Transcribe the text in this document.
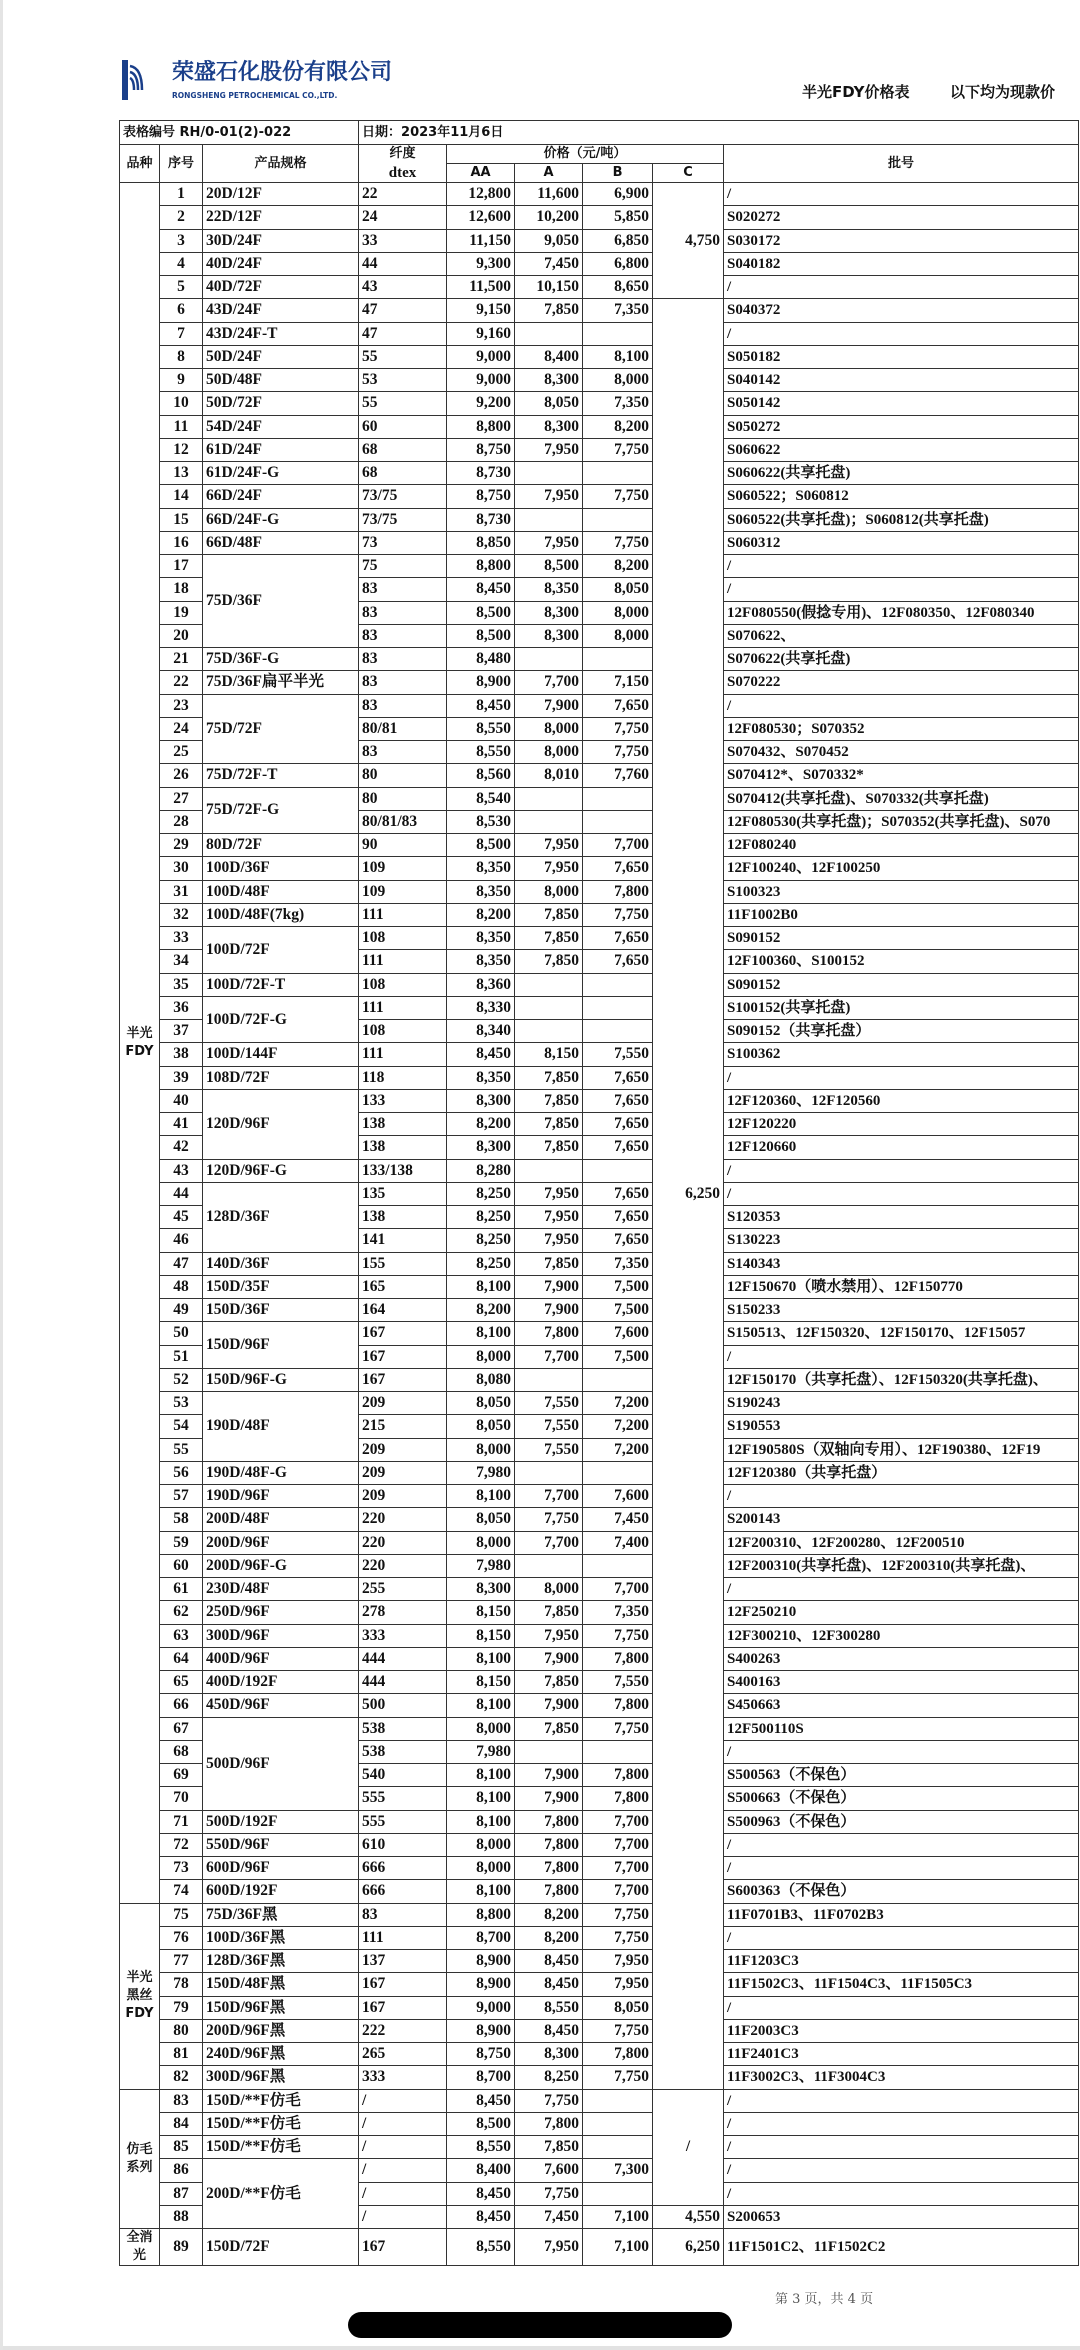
荣盛石化股份有限公司
RONGSHENG PETROCHEMICAL CO.,LTD.	半光FDY价格表	以下均为现款价
表格编号 RH/0-01(2)-022			日期：2023年11月6日					
品种	序号	产品规格	纤度	价格（元/吨）				批号
			dtex	AA	A	B	C	
半光
FDY	1	20D/12F	22	12,800	11,600	6,900	4,750	/
	2	22D/12F	24	12,600	10,200	5,850		S020272
	3	30D/24F	33	11,150	9,050	6,850		S030172
	4	40D/24F	44	9,300	7,450	6,800		S040182
	5	40D/72F	43	11,500	10,150	8,650		/
	6	43D/24F	47	9,150	7,850	7,350	6,250	S040372
	7	43D/24F-T	47	9,160				/
	8	50D/24F	55	9,000	8,400	8,100		S050182
	9	50D/48F	53	9,000	8,300	8,000		S040142
	10	50D/72F	55	9,200	8,050	7,350		S050142
	11	54D/24F	60	8,800	8,300	8,200		S050272
	12	61D/24F	68	8,750	7,950	7,750		S060622
	13	61D/24F-G	68	8,730				S060622(共享托盘)
	14	66D/24F	73/75	8,750	7,950	7,750		S060522；S060812
	15	66D/24F-G	73/75	8,730				S060522(共享托盘)；S060812(共享托盘)
	16	66D/48F	73	8,850	7,950	7,750		S060312
	17	75D/36F	75	8,800	8,500	8,200		/
	18		83	8,450	8,350	8,050		/
	19		83	8,500	8,300	8,000		12F080550(假捻专用)、12F080350、12F080340
	20		83	8,500	8,300	8,000		S070622、
	21	75D/36F-G	83	8,480				S070622(共享托盘)
	22	75D/36F扁平半光	83	8,900	7,700	7,150		S070222
	23	75D/72F	83	8,450	7,900	7,650		/
	24		80/81	8,550	8,000	7,750		12F080530；S070352
	25		83	8,550	8,000	7,750		S070432、S070452
	26	75D/72F-T	80	8,560	8,010	7,760		S070412*、S070332*
	27	75D/72F-G	80	8,540				S070412(共享托盘)、S070332(共享托盘)
	28		80/81/83	8,530				12F080530(共享托盘)；S070352(共享托盘)、S070
	29	80D/72F	90	8,500	7,950	7,700		12F080240
	30	100D/36F	109	8,350	7,950	7,650		12F100240、12F100250
	31	100D/48F	109	8,350	8,000	7,800		S100323
	32	100D/48F(7kg)	111	8,200	7,850	7,750		11F1002B0
	33	100D/72F	108	8,350	7,850	7,650		S090152
	34		111	8,350	7,850	7,650		12F100360、S100152
	35	100D/72F-T	108	8,360				S090152
	36	100D/72F-G	111	8,330				S100152(共享托盘)
	37		108	8,340				S090152（共享托盘）
	38	100D/144F	111	8,450	8,150	7,550		S100362
	39	108D/72F	118	8,350	7,850	7,650		/
	40	120D/96F	133	8,300	7,850	7,650		12F120360、12F120560
	41		138	8,200	7,850	7,650		12F120220
	42		138	8,300	7,850	7,650		12F120660
	43	120D/96F-G	133/138	8,280				/
	44	128D/36F	135	8,250	7,950	7,650		/
	45		138	8,250	7,950	7,650		S120353
	46		141	8,250	7,950	7,650		S130223
	47	140D/36F	155	8,250	7,850	7,350		S140343
	48	150D/35F	165	8,100	7,900	7,500		12F150670（喷水禁用）、12F150770
	49	150D/36F	164	8,200	7,900	7,500		S150233
	50	150D/96F	167	8,100	7,800	7,600		S150513、12F150320、12F150170、12F15057
	51		167	8,000	7,700	7,500		/
	52	150D/96F-G	167	8,080				12F150170（共享托盘）、12F150320(共享托盘)、
	53	190D/48F	209	8,050	7,550	7,200		S190243
	54		215	8,050	7,550	7,200		S190553
	55		209	8,000	7,550	7,200		12F190580S（双轴向专用）、12F190380、12F19
	56	190D/48F-G	209	7,980				12F120380（共享托盘）
	57	190D/96F	209	8,100	7,700	7,600		/
	58	200D/48F	220	8,050	7,750	7,450		S200143
	59	200D/96F	220	8,000	7,700	7,400		12F200310、12F200280、12F200510
	60	200D/96F-G	220	7,980				12F200310(共享托盘)、12F200310(共享托盘)、
	61	230D/48F	255	8,300	8,000	7,700		/
	62	250D/96F	278	8,150	7,850	7,350		12F250210
	63	300D/96F	333	8,150	7,950	7,750		12F300210、12F300280
	64	400D/96F	444	8,100	7,900	7,800		S400263
	65	400D/192F	444	8,150	7,850	7,550		S400163
	66	450D/96F	500	8,100	7,900	7,800		S450663
	67	500D/96F	538	8,000	7,850	7,750		12F500110S
	68		538	7,980				/
	69		540	8,100	7,900	7,800		S500563（不保色）
	70		555	8,100	7,900	7,800		S500663（不保色）
	71	500D/192F	555	8,100	7,800	7,700		S500963（不保色）
	72	550D/96F	610	8,000	7,800	7,700		/
	73	600D/96F	666	8,000	7,800	7,700		/
	74	600D/192F	666	8,100	7,800	7,700		S600363（不保色）
半光
黑丝
FDY	75	75D/36F黑	83	8,800	8,200	7,750		11F0701B3、11F0702B3
	76	100D/36F黑	111	8,700	8,200	7,750		/
	77	128D/36F黑	137	8,900	8,450	7,950		11F1203C3
	78	150D/48F黑	167	8,900	8,450	7,950		11F1502C3、11F1504C3、11F1505C3
	79	150D/96F黑	167	9,000	8,550	8,050		/
	80	200D/96F黑	222	8,900	8,450	7,750		11F2003C3
	81	240D/96F黑	265	8,750	8,300	7,800		11F2401C3
	82	300D/96F黑	333	8,700	8,250	7,750		11F3002C3、11F3004C3
仿毛
系列	83	150D/**F仿毛	/	8,450	7,750		/	/
	84	150D/**F仿毛	/	8,500	7,800			/
	85	150D/**F仿毛	/	8,550	7,850			/
	86	200D/**F仿毛	/	8,400	7,600	7,300		/
	87		/	8,450	7,750			/
	88		/	8,450	7,450	7,100	4,550	S200653
全消
光	89	150D/72F	167	8,550	7,950	7,100	6,250	11F1501C2、11F1502C2
第 3 页，共 4 页
